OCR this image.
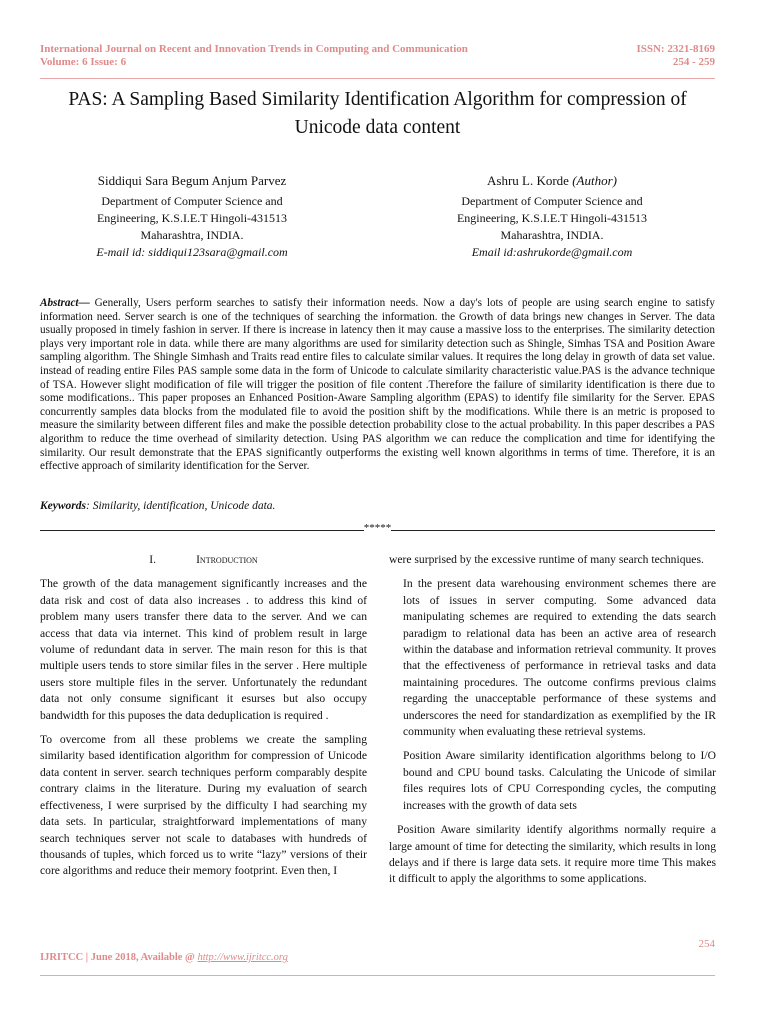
International Journal on Recent and Innovation Trends in Computing and Communication
Volume: 6 Issue: 6
ISSN: 2321-8169
254 - 259
PAS: A Sampling Based Similarity Identification Algorithm for compression of Unicode data content
Siddiqui Sara Begum Anjum Parvez
Department of Computer Science and
Engineering, K.S.I.E.T Hingoli-431513
Maharashtra, INDIA.
E-mail id: siddiqui123sara@gmail.com
Ashru L. Korde (Author)
Department of Computer Science and
Engineering, K.S.I.E.T Hingoli-431513
Maharashtra, INDIA.
Email id:ashrukorde@gmail.com
Abstract— Generally, Users perform searches to satisfy their information needs. Now a day's lots of people are using search engine to satisfy information need. Server search is one of the techniques of searching the information. the Growth of data brings new changes in Server. The data usually proposed in timely fashion in server. If there is increase in latency then it may cause a massive loss to the enterprises. The similarity detection plays very important role in data. while there are many algorithms are used for similarity detection such as Shingle, Simhas TSA and Position Aware sampling algorithm. The Shingle Simhash and Traits read entire files to calculate similar values. It requires the long delay in growth of data set value. instead of reading entire Files PAS sample some data in the form of Unicode to calculate similarity characteristic value.PAS is the advance technique of TSA. However slight modification of file will trigger the position of file content .Therefore the failure of similarity identification is there due to some modifications.. This paper proposes an Enhanced Position-Aware Sampling algorithm (EPAS) to identify file similarity for the Server. EPAS concurrently samples data blocks from the modulated file to avoid the position shift by the modifications. While there is an metric is proposed to measure the similarity between different files and make the possible detection probability close to the actual probability. In this paper describes a PAS algorithm to reduce the time overhead of similarity detection. Using PAS algorithm we can reduce the complication and time for identifying the similarity. Our result demonstrate that the EPAS significantly outperforms the existing well known algorithms in terms of time. Therefore, it is an effective approach of similarity identification for the Server.
Keywords: Similarity, identification, Unicode data.
*****
I.	Introduction

The growth of the data management significantly increases and the data risk and cost of data also increases . to address this kind of problem many users transfer there data to the server. And we can access that data via internet. This kind of problem result in large volume of redundant data in server. The main reson for this is that multiple users tends to store similar files in the server . Here multiple users store multiple files in the server. Unfortunately the redundant data not only consume significant it esurses but also occupy bandwidth for this puposes the data deduplication is required .

To overcome from all these problems we create the sampling similarity based identification algorithm for compression of Unicode data content in server. search techniques perform comparably despite contrary claims in the literature. During my evaluation of search effectiveness, I were surprised by the difficulty I had searching my data sets. In particular, straightforward implementations of many search techniques server not scale to databases with hundreds of thousands of tuples, which forced us to write “lazy” versions of their core algorithms and reduce their memory footprint. Even then, I

were surprised by the excessive runtime of many search techniques.

In the present data warehousing environment schemes there are lots of issues in server computing. Some advanced data manipulating schemes are required to extending the dats search paradigm to relational data has been an active area of research within the database and information retrieval community. It proves that the effectiveness of performance in retrieval tasks and data maintaining procedures. The outcome confirms previous claims regarding the unacceptable performance of these systems and underscores the need for standardization as exemplified by the IR community when evaluating these retrieval systems.

Position Aware similarity identification algorithms belong to I/O bound and CPU bound tasks. Calculating the Unicode of similar files requires lots of CPU Corresponding cycles, the computing increases with the growth of data sets

Position Aware similarity identify algorithms normally require a large amount of time for detecting the similarity, which results in long delays and if there is large data sets. it require more time This makes it difficult to apply the algorithms to some applications.

254
IJRITCC | June 2018, Available @ http://www.ijritcc.org
